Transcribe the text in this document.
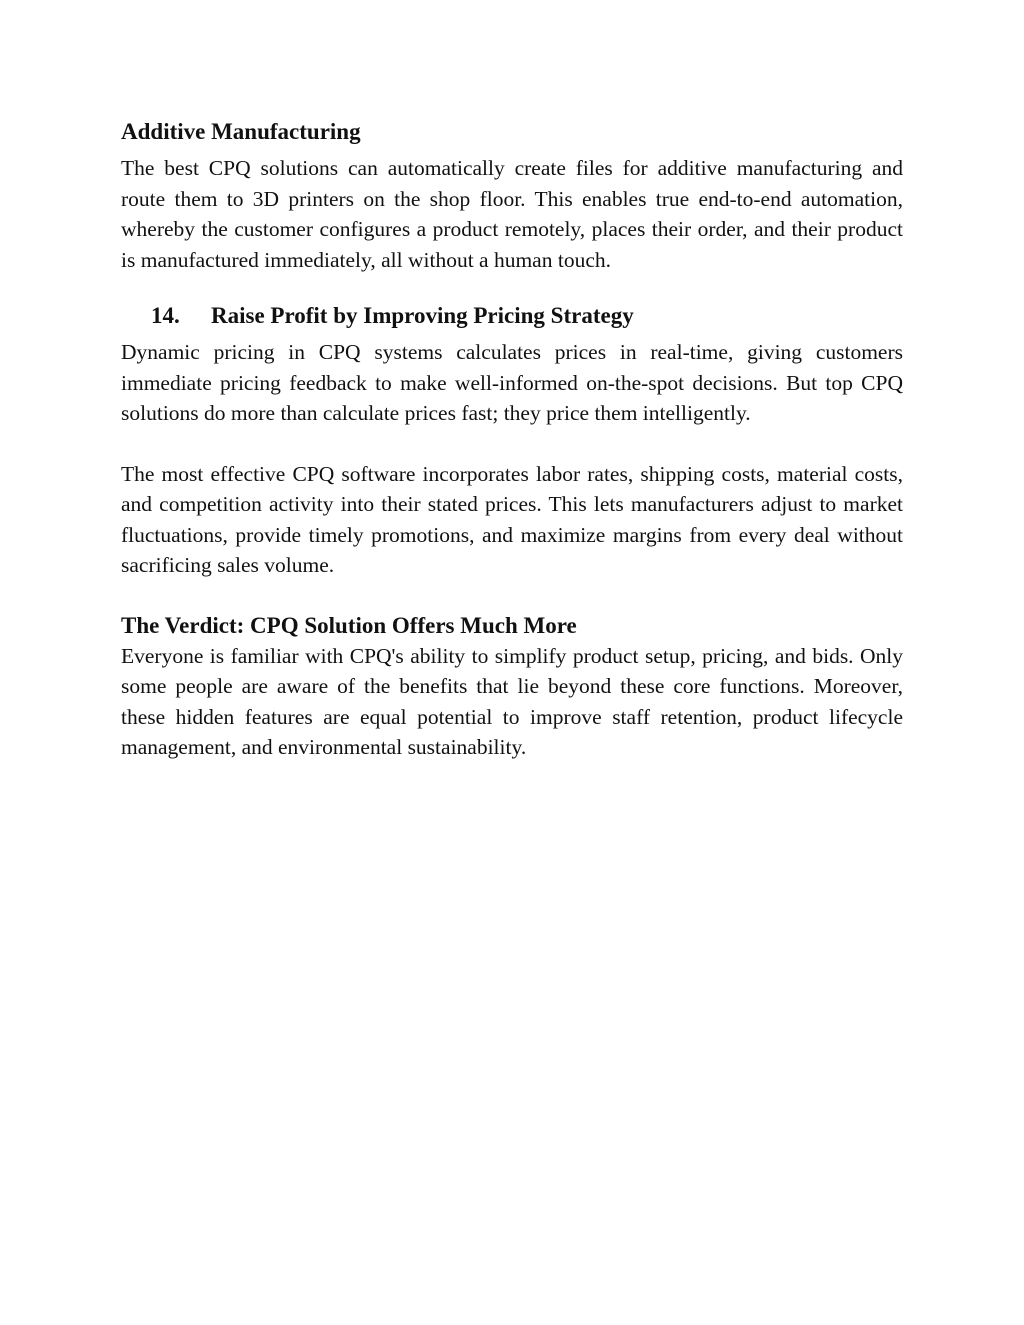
Additive Manufacturing

The best CPQ solutions can automatically create files for additive manufacturing and route them to 3D printers on the shop floor. This enables true end-to-end automation, whereby the customer configures a product remotely, places their order, and their product is manufactured immediately, all without a human touch.

14.	Raise Profit by Improving Pricing Strategy

Dynamic pricing in CPQ systems calculates prices in real-time, giving customers immediate pricing feedback to make well-informed on-the-spot decisions. But top CPQ solutions do more than calculate prices fast; they price them intelligently.

The most effective CPQ software incorporates labor rates, shipping costs, material costs, and competition activity into their stated prices. This lets manufacturers adjust to market fluctuations, provide timely promotions, and maximize margins from every deal without sacrificing sales volume.

The Verdict: CPQ Solution Offers Much More

Everyone is familiar with CPQ's ability to simplify product setup, pricing, and bids. Only some people are aware of the benefits that lie beyond these core functions. Moreover, these hidden features are equal potential to improve staff retention, product lifecycle management, and environmental sustainability.
